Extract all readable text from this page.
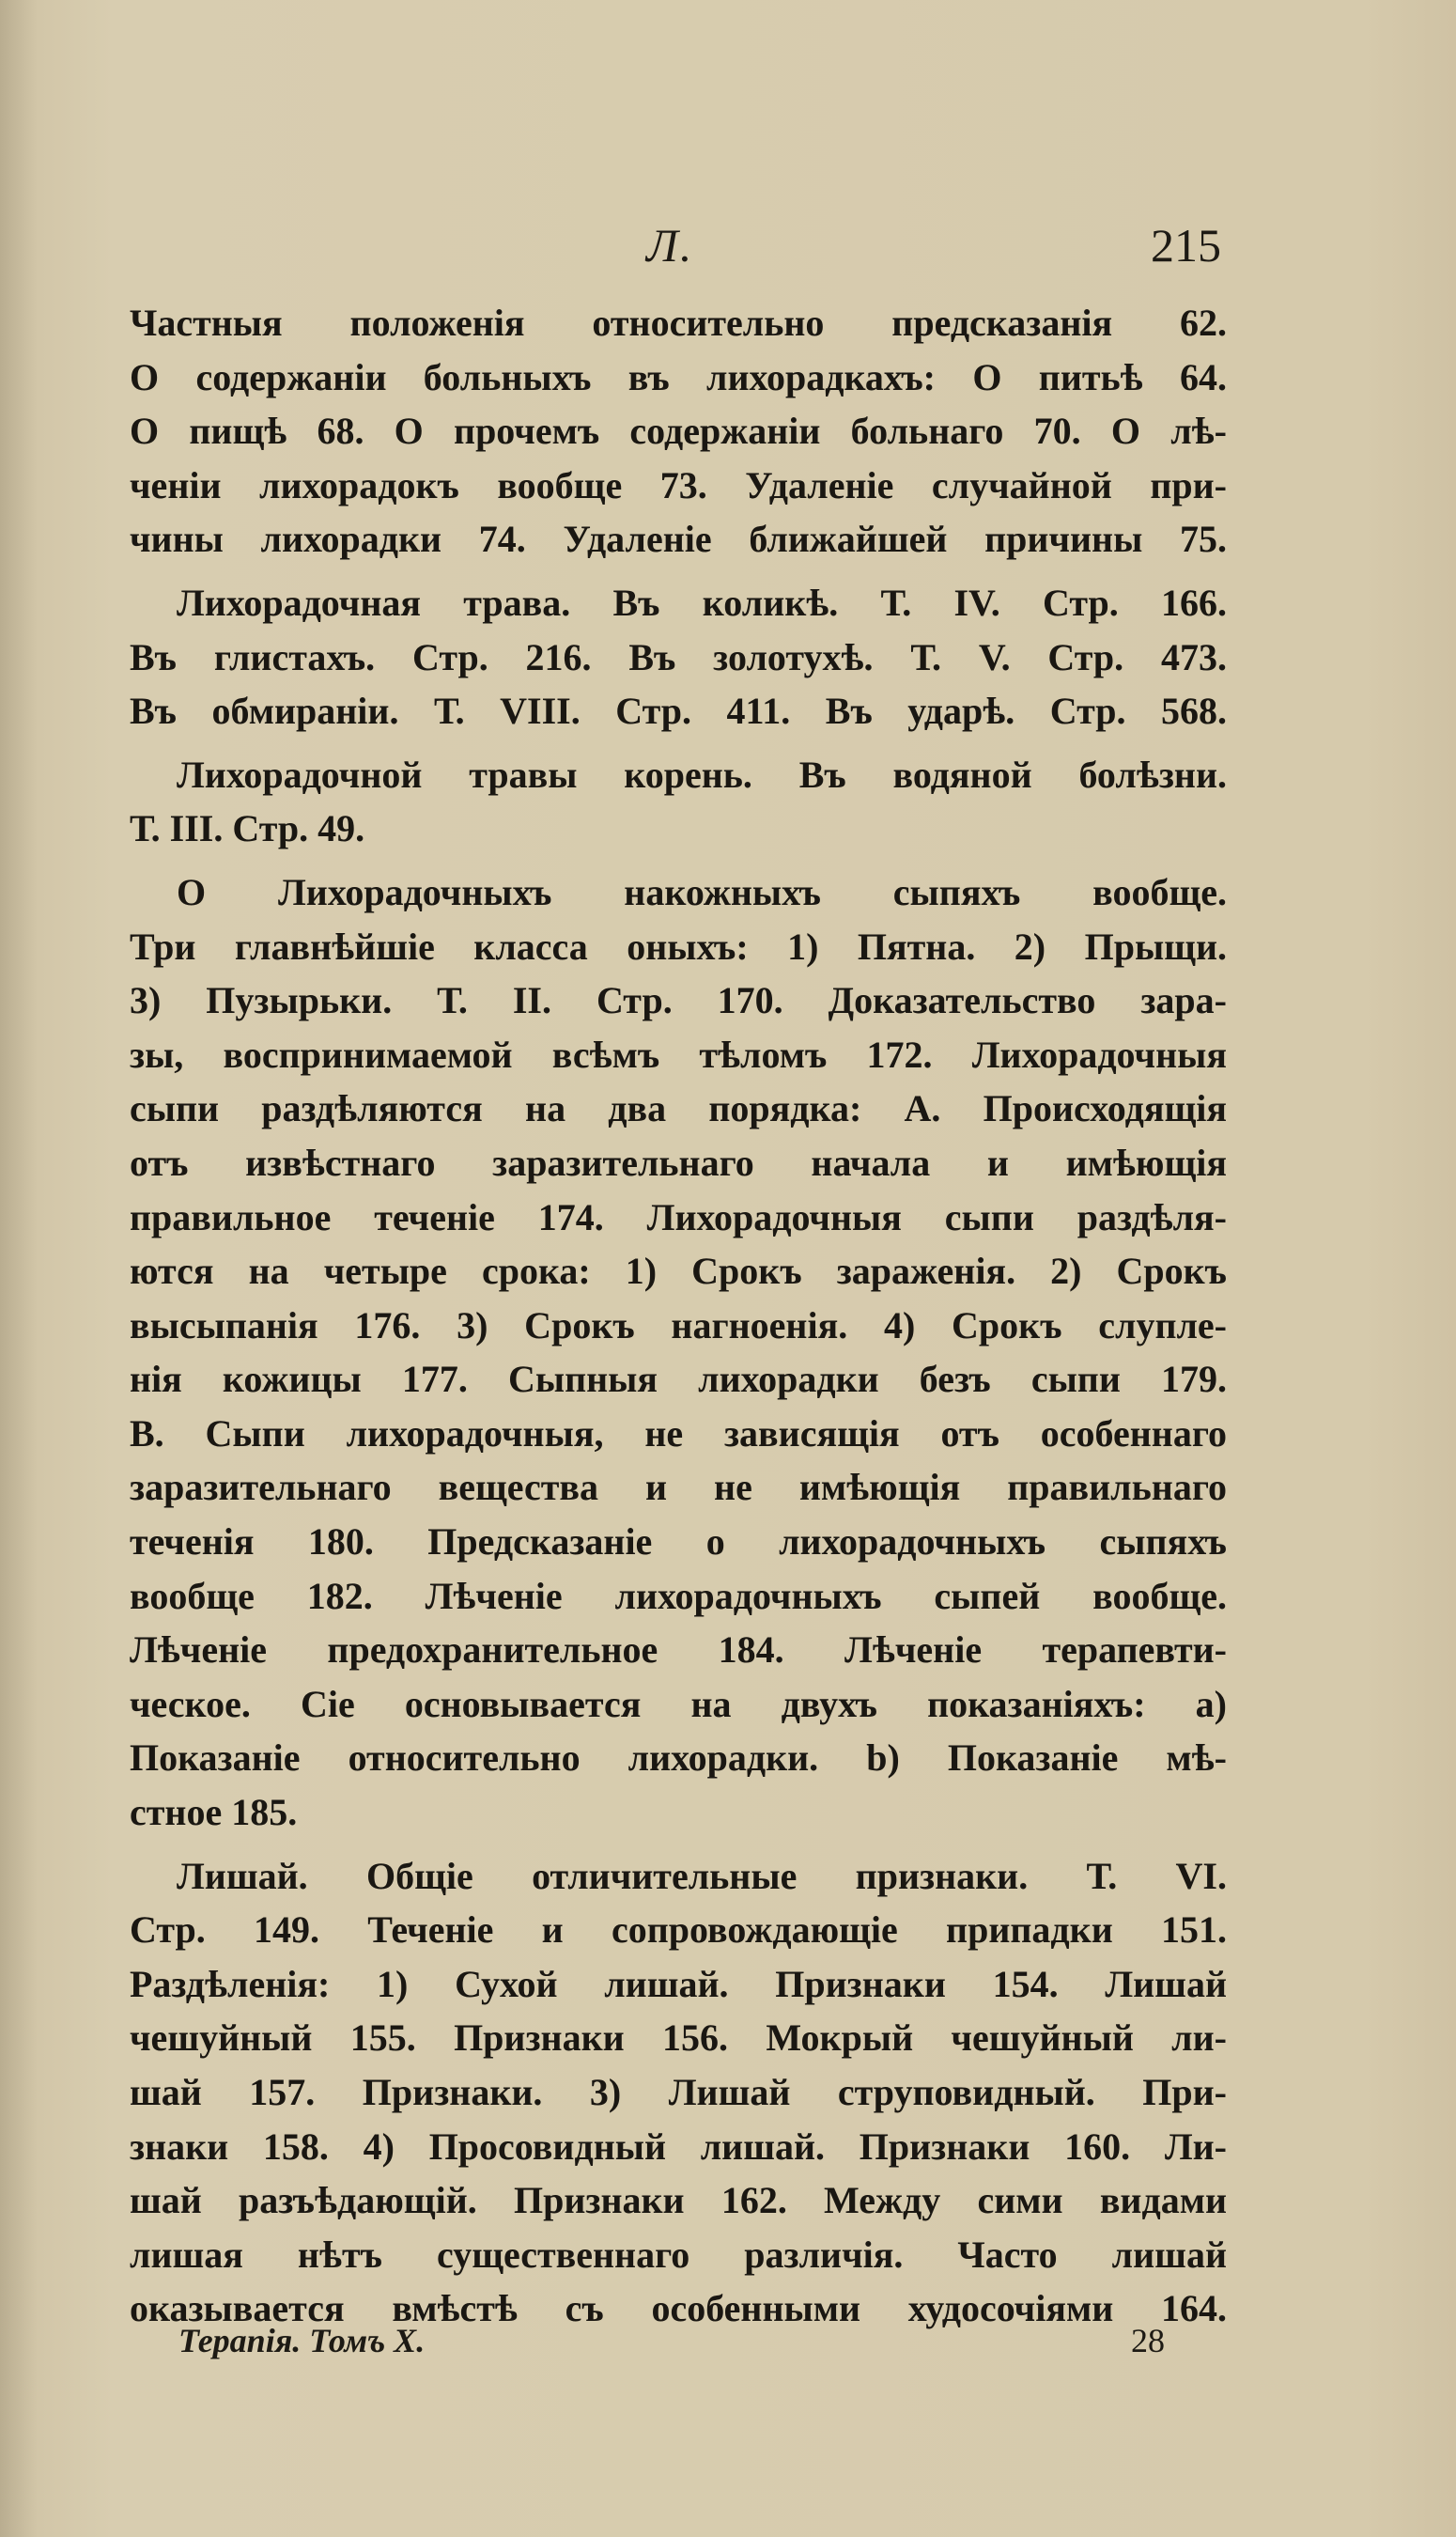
Л.	215
Частныя положенія относительно предсказанія 62.
О содержаніи больныхъ въ лихорадкахъ: О питьѣ 64.
О пищѣ 68. О прочемъ содержаніи больнаго 70. О лѣ-
ченіи лихорадокъ вообще 73. Удаленіе случайной при-
чины лихорадки 74. Удаленіе ближайшей причины 75.
Лихорадочная трава. Въ коликѣ. Т. IV. Стр. 166.
Въ глистахъ. Стр. 216. Въ золотухѣ. Т. V. Стр. 473.
Въ обмираніи. Т. VIII. Стр. 411. Въ ударѣ. Стр. 568.
Лихорадочной травы корень. Въ водяной болѣзни.
Т. III. Стр. 49.
О Лихорадочныхъ накожныхъ сыпяхъ вообще.
Три главнѣйшіе класса оныхъ: 1) Пятна. 2) Прыщи.
3) Пузырьки. Т. II. Стр. 170. Доказательство зара-
зы, воспринимаемой всѣмъ тѣломъ 172. Лихорадочныя
сыпи раздѣляются на два порядка: А. Происходящія
отъ извѣстнаго заразительнаго начала и имѣющія
правильное теченіе 174. Лихорадочныя сыпи раздѣля-
ются на четыре срока: 1) Срокъ зараженія. 2) Срокъ
высыпанія 176. 3) Срокъ нагноенія. 4) Срокъ слупле-
нія кожицы 177. Сыпныя лихорадки безъ сыпи 179.
В. Сыпи лихорадочныя, не зависящія отъ особеннаго
заразительнаго вещества и не имѣющія правильнаго
теченія 180. Предсказаніе о лихорадочныхъ сыпяхъ
вообще 182. Лѣченіе лихорадочныхъ сыпей вообще.
Лѣченіе предохранительное 184. Лѣченіе терапевти-
ческое. Сіе основывается на двухъ показаніяхъ: a)
Показаніе относительно лихорадки. b) Показаніе мѣ-
стное 185.
Лишай. Общіе отличительные признаки. Т. VI.
Стр. 149. Теченіе и сопровождающіе припадки 151.
Раздѣленія: 1) Сухой лишай. Признаки 154. Лишай
чешуйный 155. Признаки 156. Мокрый чешуйный ли-
шай 157. Признаки. 3) Лишай струповидный. При-
знаки 158. 4) Просовидный лишай. Признаки 160. Ли-
шай разъѣдающій. Признаки 162. Между сими видами
лишая нѣтъ существеннаго различія. Часто лишай
оказывается вмѣстѣ съ особенными худосочіями 164.
Терапія. Томъ X.	28
